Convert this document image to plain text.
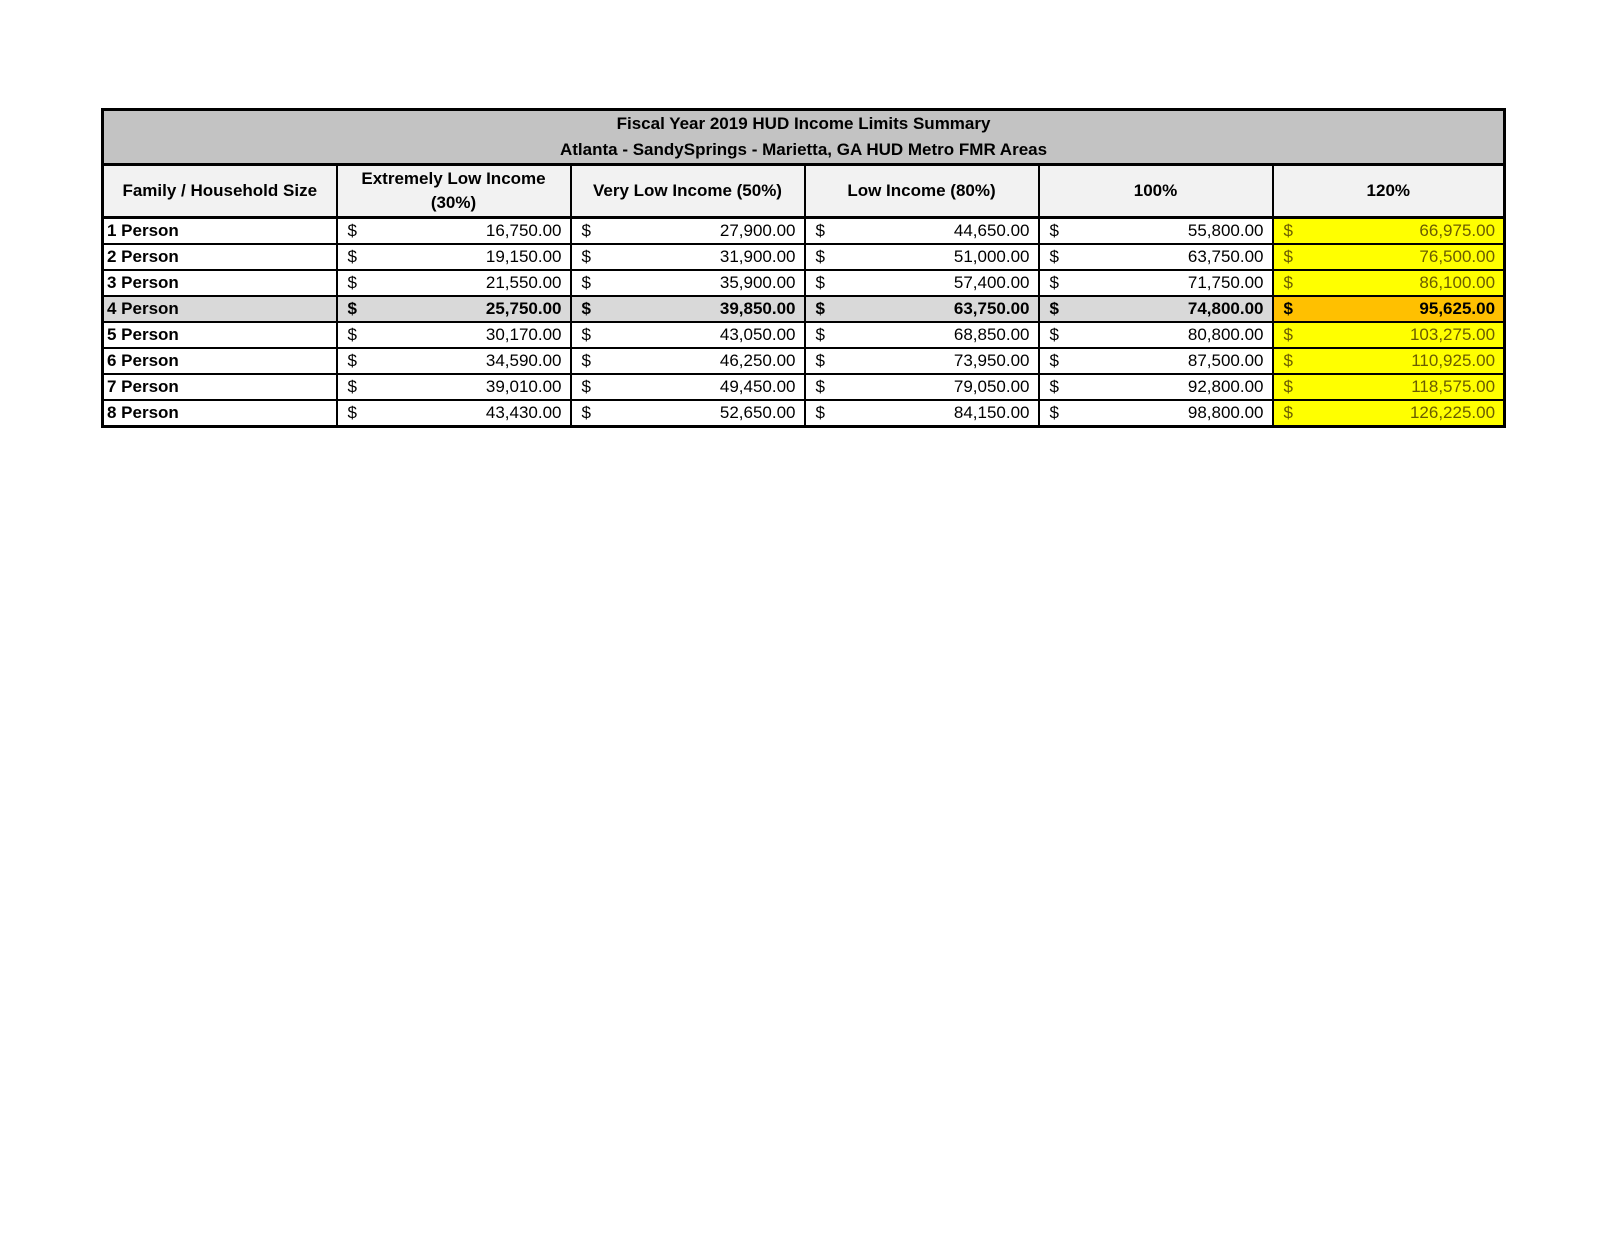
Fiscal Year 2019 HUD Income Limits Summary
Atlanta - SandySprings - Marietta, GA HUD Metro FMR Areas					

Family / Household Size	Extremely Low Income (30%)	Very Low Income (50%)	Low Income (80%)	100%	120%
1 Person	$ 16,750.00	$ 27,900.00	$ 44,650.00	$ 55,800.00	$ 66,975.00

2 Person	$ 19,150.00	$ 31,900.00	$ 51,000.00	$ 63,750.00	$ 76,500.00

3 Person	$ 21,550.00	$ 35,900.00	$ 57,400.00	$ 71,750.00	$ 86,100.00

4 Person	$ 25,750.00	$ 39,850.00	$ 63,750.00	$ 74,800.00	$ 95,625.00

5 Person	$ 30,170.00	$ 43,050.00	$ 68,850.00	$ 80,800.00	$ 103,275.00

6 Person	$ 34,590.00	$ 46,250.00	$ 73,950.00	$ 87,500.00	$ 110,925.00

7 Person	$ 39,010.00	$ 49,450.00	$ 79,050.00	$ 92,800.00	$ 118,575.00

8 Person	$ 43,430.00	$ 52,650.00	$ 84,150.00	$ 98,800.00	$ 126,225.00
